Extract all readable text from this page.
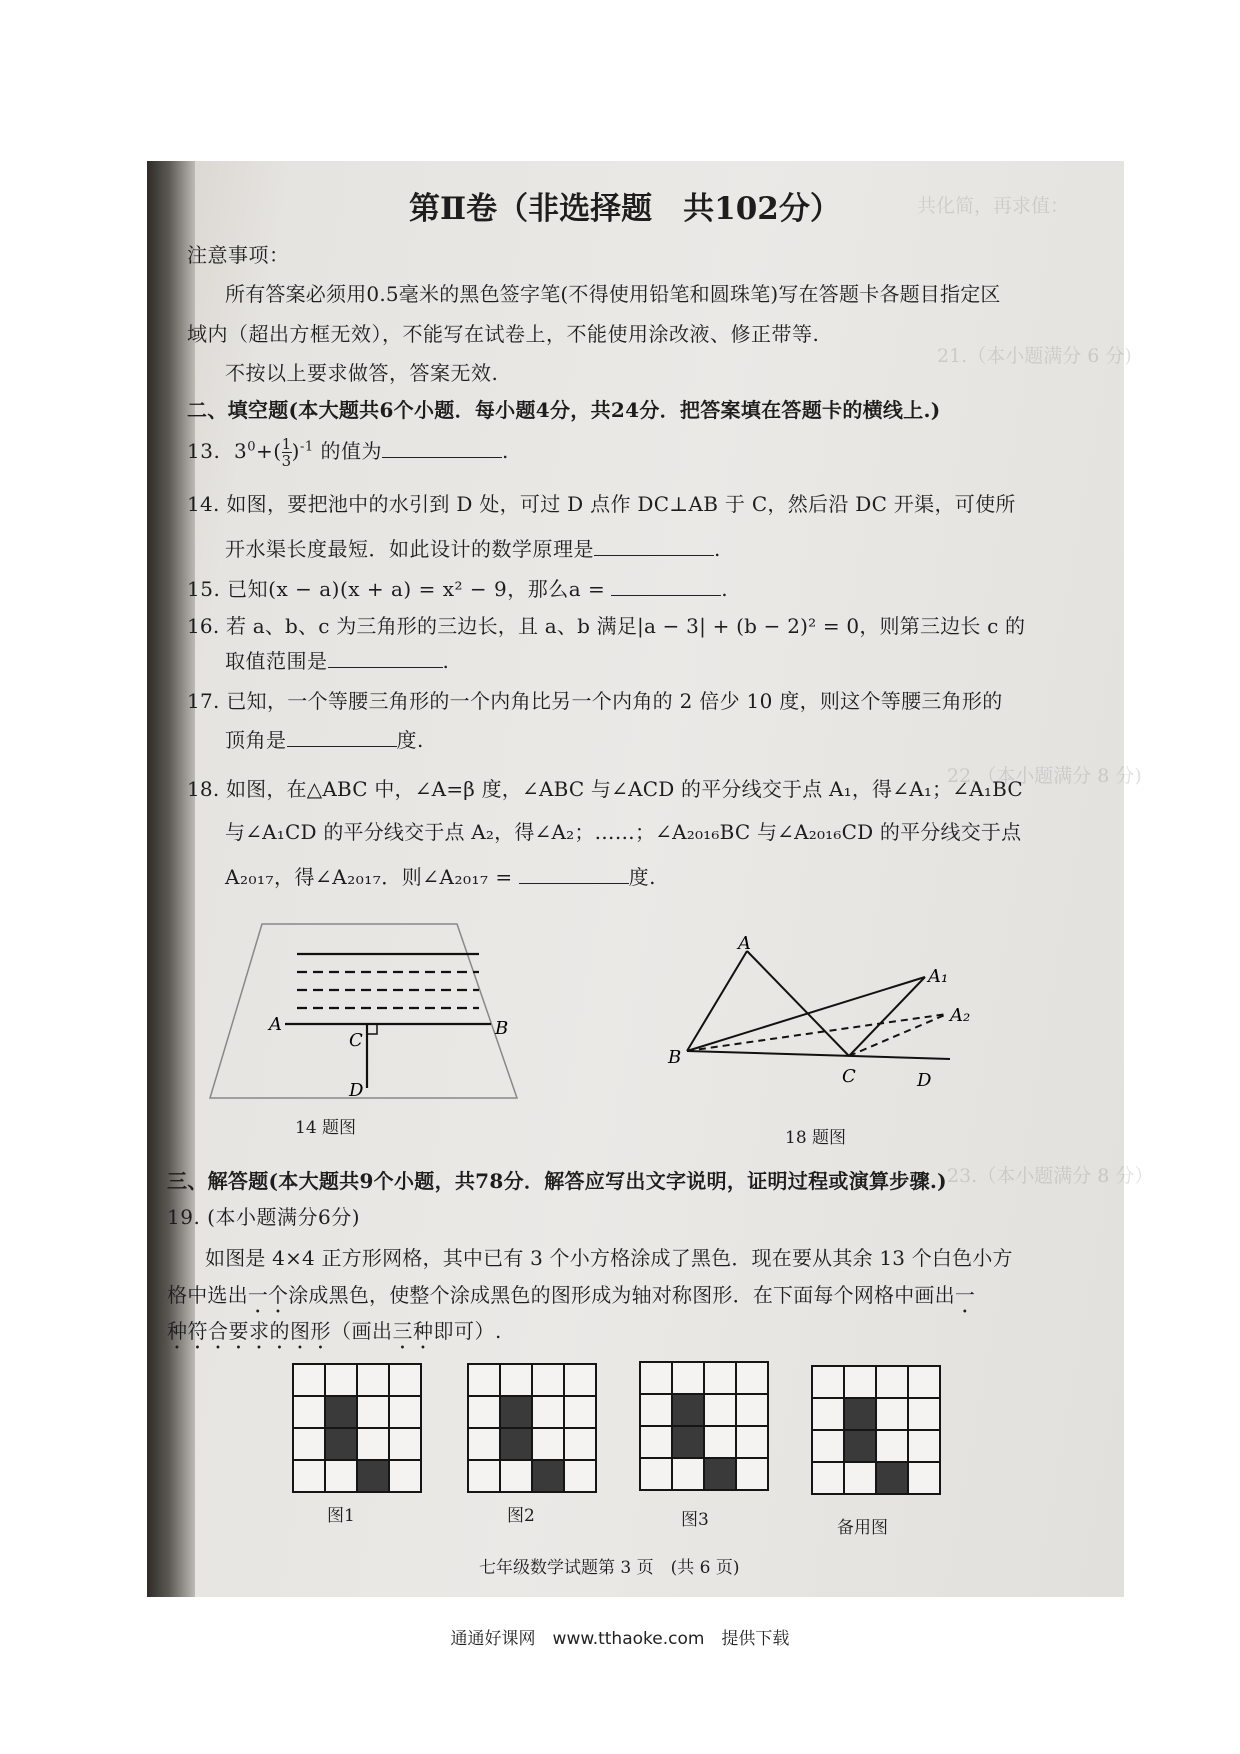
共化简，再求值：
21.（本小题满分 6 分)
22.（本小题满分 8 分)
23.（本小题满分 8 分）
第Ⅱ卷（非选择题　共102分）
注意事项：
所有答案必须用0.5毫米的黑色签字笔(不得使用铅笔和圆珠笔)写在答题卡各题目指定区
域内（超出方框无效），不能写在试卷上，不能使用涂改液、修正带等.
不按以上要求做答，答案无效.
二、填空题(本大题共6个小题．每小题4分，共24分．把答案填在答题卡的横线上.)
13.  $3^0+( \frac{1}{3} )^{-1}$ 的值为	.
14. 如图，要把池中的水引到 D 处，可过 D 点作 DC⊥AB 于 C，然后沿 DC 开渠，可使所
开水渠长度最短．如此设计的数学原理是	.
15. 已知(x − a)(x + a) = x² − 9，那么a =	.
16. 若 a、b、c 为三角形的三边长，且 a、b 满足|a − 3| + (b − 2)² = 0，则第三边长 c 的
取值范围是	.
17. 已知，一个等腰三角形的一个内角比另一个内角的 2 倍少 10 度，则这个等腰三角形的
顶角是	度.
18. 如图，在△ABC 中，∠A=β 度，∠ABC 与∠ACD 的平分线交于点 A₁，得∠A₁；∠A₁BC
与∠A₁CD 的平分线交于点 A₂，得∠A₂；……；∠A₂₀₁₆BC 与∠A₂₀₁₆CD 的平分线交于点
A₂₀₁₇，得∠A₂₀₁₇．则∠A₂₀₁₇ =	度.
A	B
C
D
14 题图
A
A₁
A₂
B
C	D
18 题图
三、解答题(本大题共9个小题，共78分．解答应写出文字说明，证明过程或演算步骤.)
19. (本小题满分6分)
如图是 4×4 正方形网格，其中已有 3 个小方格涂成了黑色．现在要从其余 13 个白色小方
格中选出一个涂成黑色，使整个涂成黑色的图形成为轴对称图形．在下面每个网格中画出一
种符合要求的图形（画出三种即可）.
图1	图2	图3	备用图
七年级数学试题第 3 页　(共 6 页)
通通好课网　www.tthaoke.com　提供下载
